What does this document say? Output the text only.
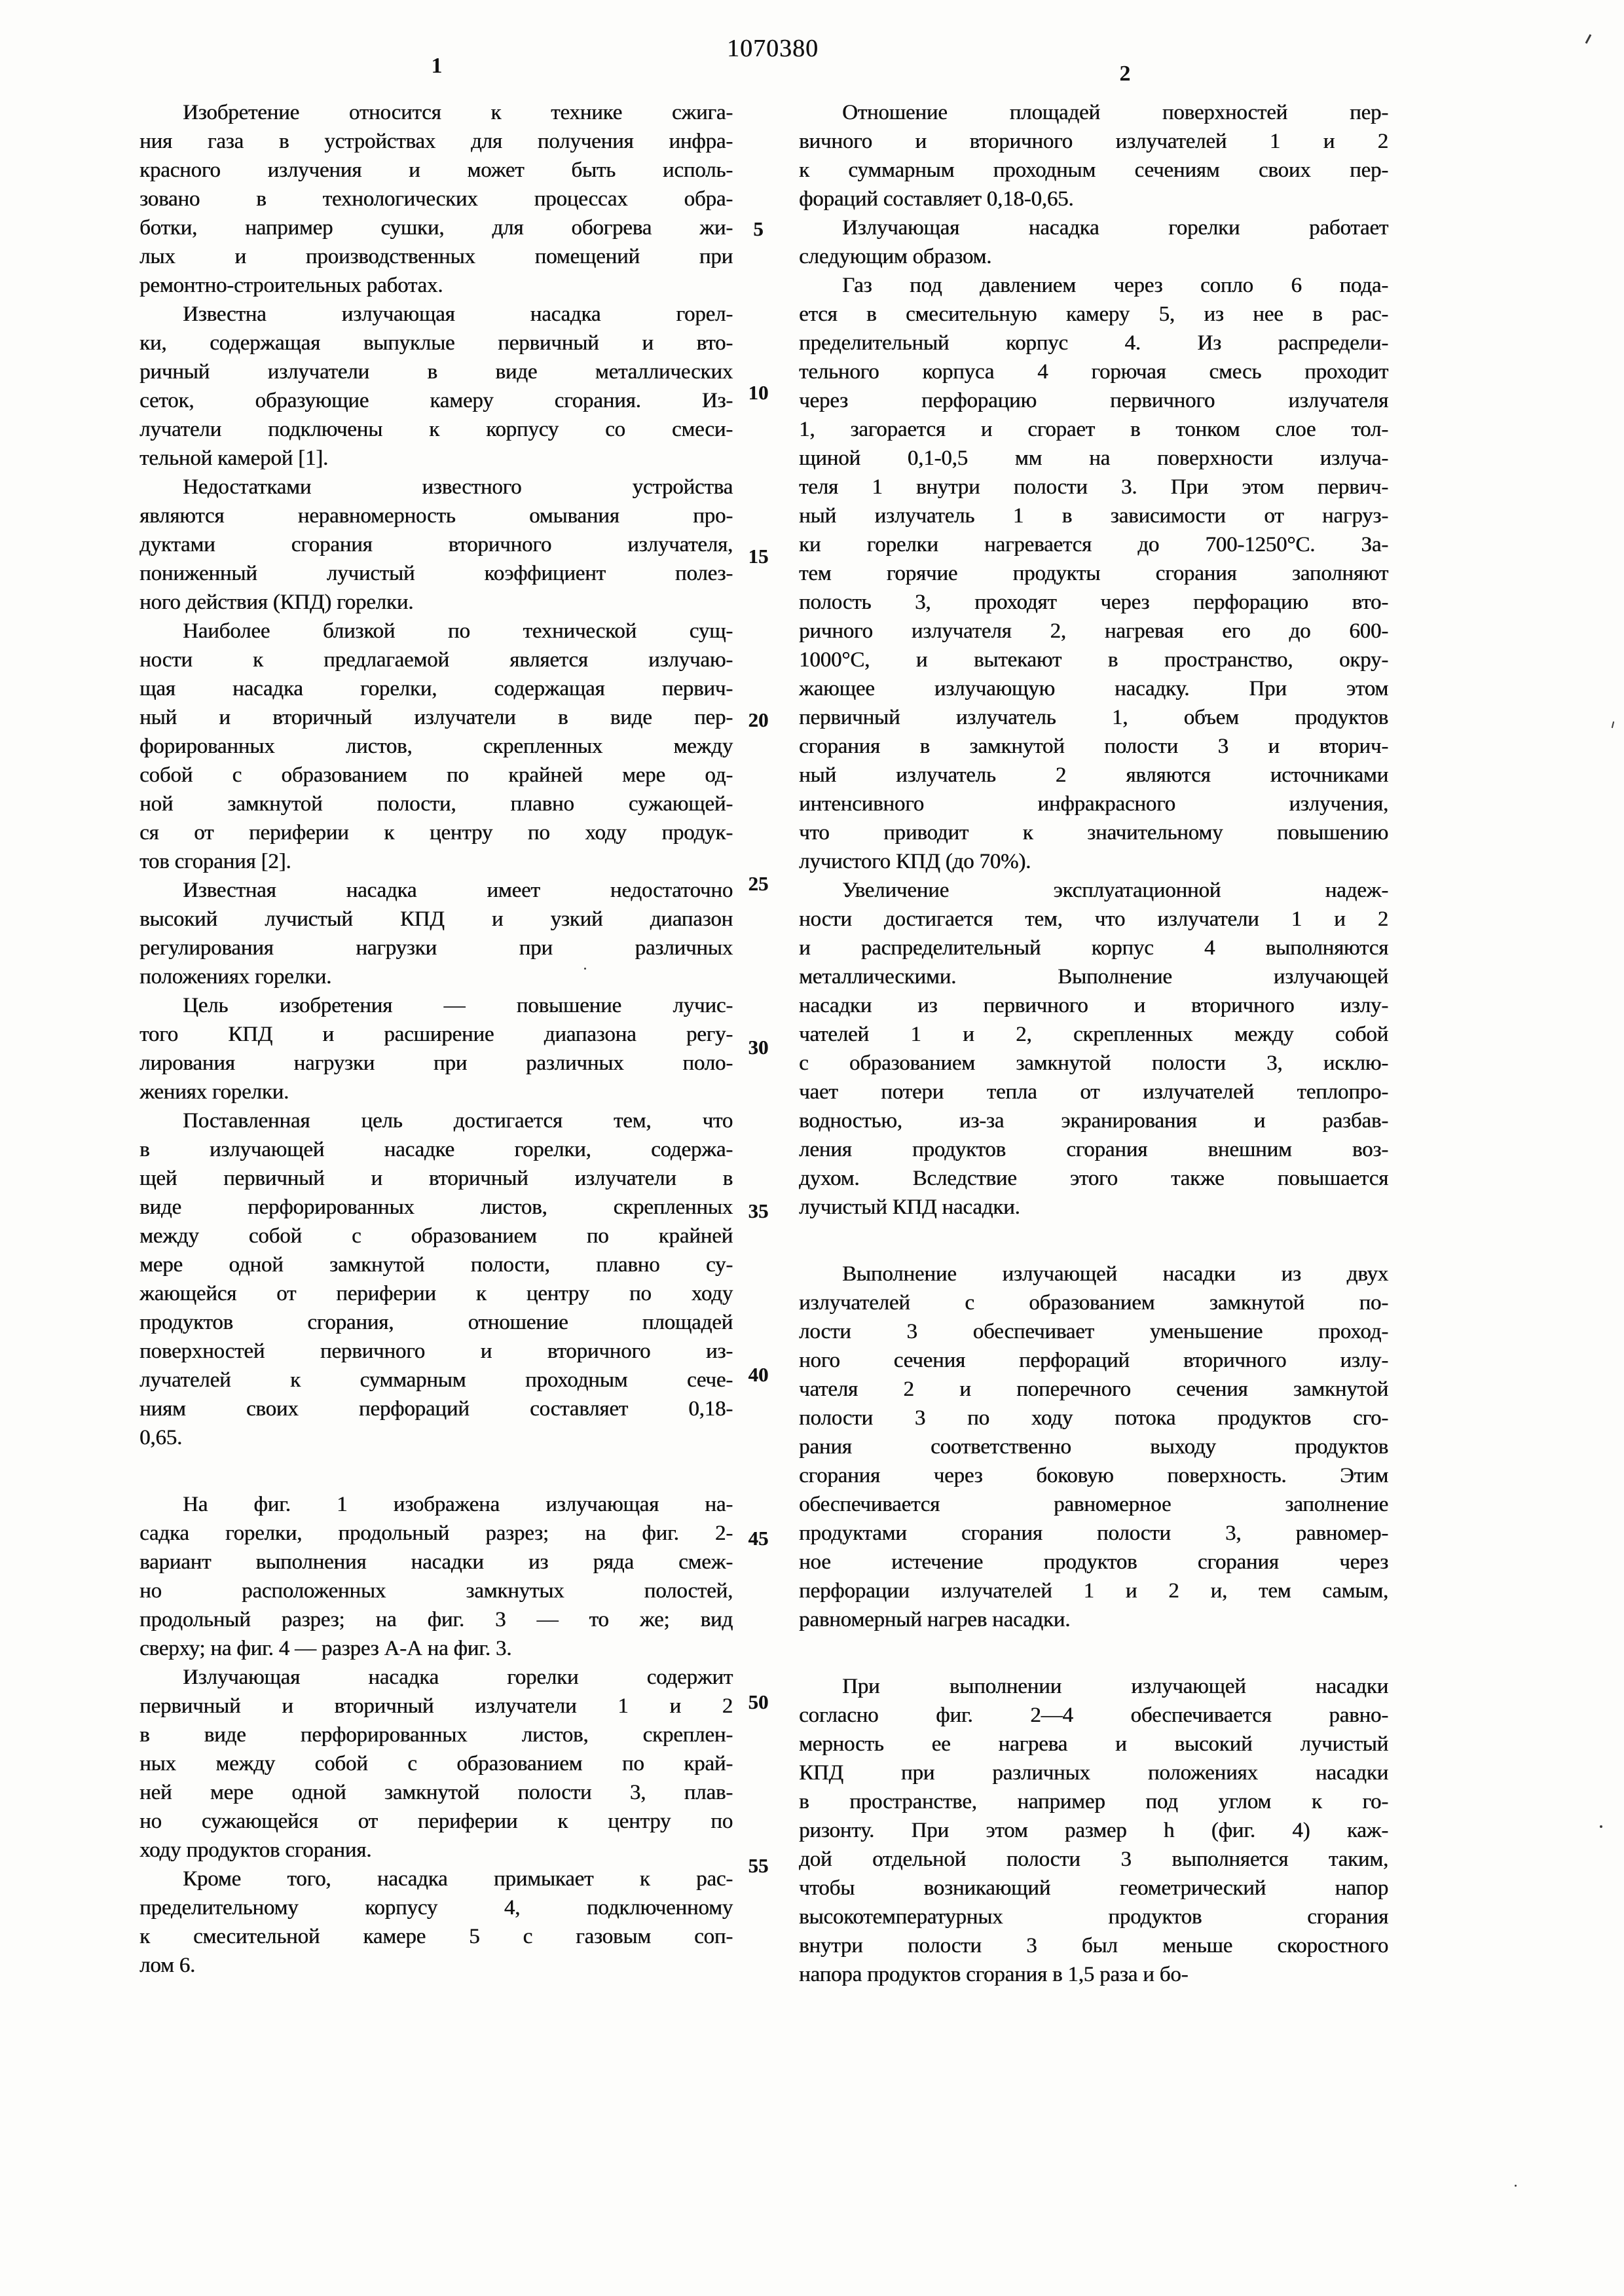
1070380
1	2
5
10
15
20
25
30
35
40
45
50
55
Изобретение относится к технике сжига-
ния газа в устройствах для получения инфра-
красного излучения и может быть исполь-
зовано в технологических процессах обра-
ботки, например сушки, для обогрева жи-
лых и производственных помещений при
ремонтно-строительных работах.
Известна излучающая насадка горел-
ки, содержащая выпуклые первичный и вто-
ричный излучатели в виде металлических
сеток, образующие камеру сгорания. Из-
лучатели подключены к корпусу со смеси-
тельной камерой [1].
Недостатками известного устройства
являются неравномерность омывания про-
дуктами сгорания вторичного излучателя,
пониженный лучистый коэффициент полез-
ного действия (КПД) горелки.
Наиболее близкой по технической сущ-
ности к предлагаемой является излучаю-
щая насадка горелки, содержащая первич-
ный и вторичный излучатели в виде пер-
форированных листов, скрепленных между
собой с образованием по крайней мере од-
ной замкнутой полости, плавно сужающей-
ся от периферии к центру по ходу продук-
тов сгорания [2].
Известная насадка имеет недостаточно
высокий лучистый КПД и узкий диапазон
регулирования нагрузки при различных
положениях горелки.
Цель изобретения — повышение лучис-
того КПД и расширение диапазона регу-
лирования нагрузки при различных поло-
жениях горелки.
Поставленная цель достигается тем, что
в излучающей насадке горелки, содержа-
щей первичный и вторичный излучатели в
виде перфорированных листов, скрепленных
между собой с образованием по крайней
мере одной замкнутой полости, плавно су-
жающейся от периферии к центру по ходу
продуктов сгорания, отношение площадей
поверхностей первичного и вторичного из-
лучателей к суммарным проходным сече-
ниям своих перфораций составляет 0,18-
0,65.
На фиг. 1 изображена излучающая на-
садка горелки, продольный разрез; на фиг. 2-
вариант выполнения насадки из ряда смеж-
но расположенных замкнутых полостей,
продольный разрез; на фиг. 3 — то же; вид
сверху; на фиг. 4 — разрез А-А на фиг. 3.
Излучающая насадка горелки содержит
первичный и вторичный излучатели 1 и 2
в виде перфорированных листов, скреплен-
ных между собой с образованием по край-
ней мере одной замкнутой полости 3, плав-
но сужающейся от периферии к центру по
ходу продуктов сгорания.
Кроме того, насадка примыкает к рас-
пределительному корпусу 4, подключенному
к смесительной камере 5 с газовым соп-
лом 6.
Отношение площадей поверхностей пер-
вичного и вторичного излучателей 1 и 2
к суммарным проходным сечениям своих пер-
фораций составляет 0,18-0,65.
Излучающая насадка горелки работает
следующим образом.
Газ под давлением через сопло 6 пода-
ется в смесительную камеру 5, из нее в рас-
пределительный корпус 4. Из распредели-
тельного корпуса 4 горючая смесь проходит
через перфорацию первичного излучателя
1, загорается и сгорает в тонком слое тол-
щиной 0,1-0,5 мм на поверхности излуча-
теля 1 внутри полости 3. При этом первич-
ный излучатель 1 в зависимости от нагруз-
ки горелки нагревается до 700-1250°С. За-
тем горячие продукты сгорания заполняют
полость 3, проходят через перфорацию вто-
ричного излучателя 2, нагревая его до 600-
1000°С, и вытекают в пространство, окру-
жающее излучающую насадку. При этом
первичный излучатель 1, объем продуктов
сгорания в замкнутой полости 3 и вторич-
ный излучатель 2 являются источниками
интенсивного инфракрасного излучения,
что приводит к значительному повышению
лучистого КПД (до 70%).
Увеличение эксплуатационной надеж-
ности достигается тем, что излучатели 1 и 2
и распределительный корпус 4 выполняются
металлическими. Выполнение излучающей
насадки из первичного и вторичного излу-
чателей 1 и 2, скрепленных между собой
с образованием замкнутой полости 3, исклю-
чает потери тепла от излучателей теплопро-
водностью, из-за экранирования и разбав-
ления продуктов сгорания внешним воз-
духом. Вследствие этого также повышается
лучистый КПД насадки.
Выполнение излучающей насадки из двух
излучателей с образованием замкнутой по-
лости 3 обеспечивает уменьшение проход-
ного сечения перфораций вторичного излу-
чателя 2 и поперечного сечения замкнутой
полости 3 по ходу потока продуктов сго-
рания соответственно выходу продуктов
сгорания через боковую поверхность. Этим
обеспечивается равномерное заполнение
продуктами сгорания полости 3, равномер-
ное истечение продуктов сгорания через
перфорации излучателей 1 и 2 и, тем самым,
равномерный нагрев насадки.
При выполнении излучающей насадки
согласно фиг. 2—4 обеспечивается равно-
мерность ее нагрева и высокий лучистый
КПД при различных положениях насадки
в пространстве, например под углом к го-
ризонту. При этом размер h (фиг. 4) каж-
дой отдельной полости 3 выполняется таким,
чтобы возникающий геометрический напор
высокотемпературных продуктов сгорания
внутри полости 3 был меньше скоростного
напора продуктов сгорания в 1,5 раза и бо-
